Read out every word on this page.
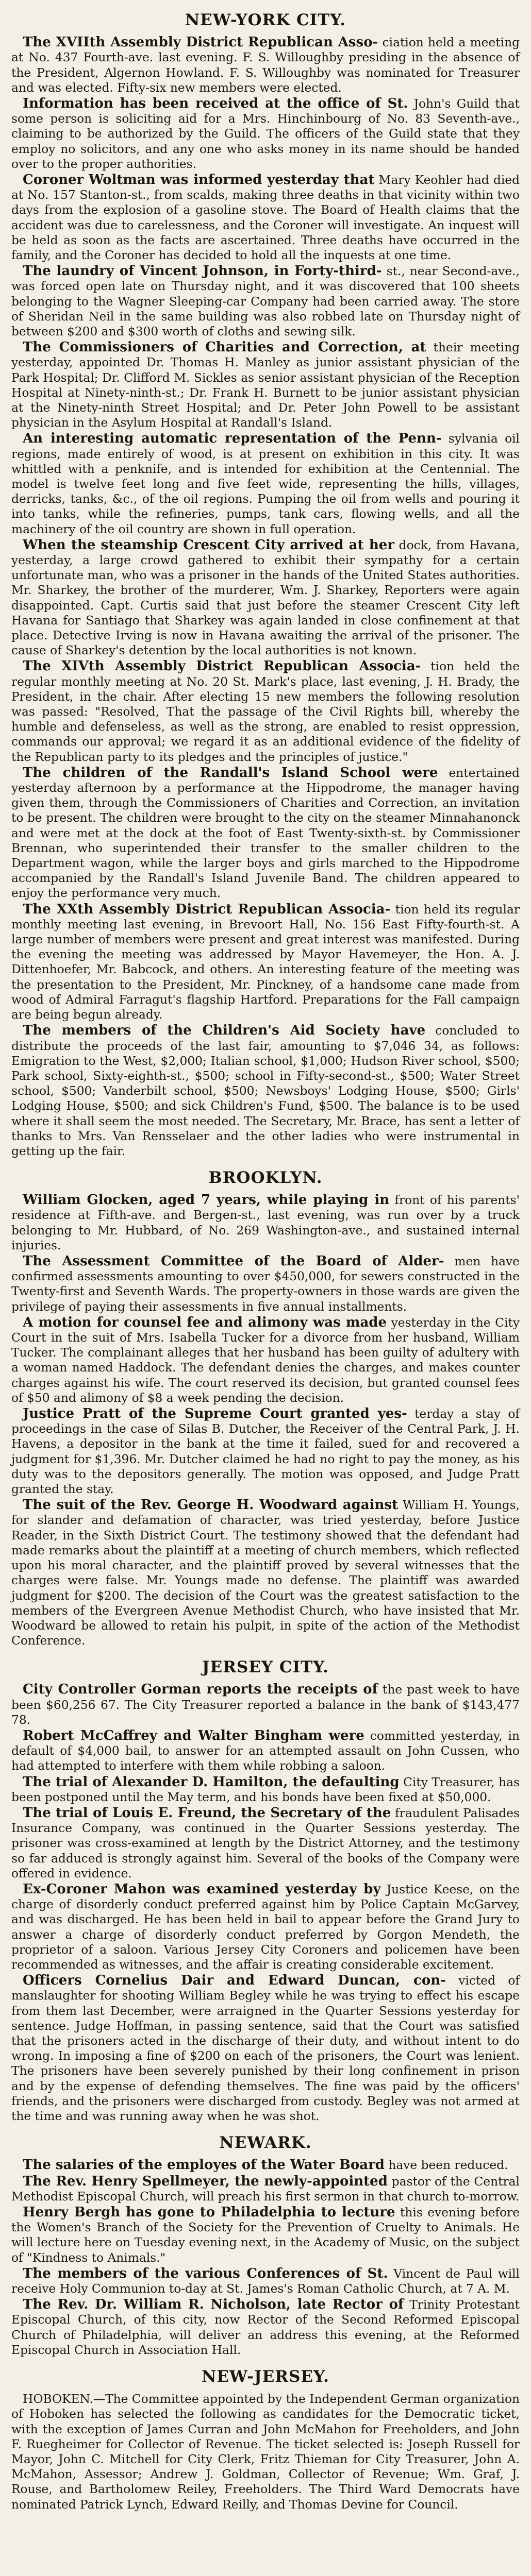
NEW-YORK CITY.

The XVIIth Assembly District Republican Asso- ciation held a meeting at No. 437 Fourth-ave. last evening. F. S. Willoughby presiding in the absence of the President, Algernon Howland. F. S. Willoughby was nominated for Treasurer and was elected. Fifty-six new members were elected.

Information has been received at the office of St. John's Guild that some person is soliciting aid for a Mrs. Hinchinbourg of No. 83 Seventh-ave., claiming to be authorized by the Guild. The officers of the Guild state that they employ no solicitors, and any one who asks money in its name should be handed over to the proper authorities.

Coroner Woltman was informed yesterday that Mary Keohler had died at No. 157 Stanton-st., from scalds, making three deaths in that vicinity within two days from the explosion of a gasoline stove. The Board of Health claims that the accident was due to carelessness, and the Coroner will investigate. An inquest will be held as soon as the facts are ascertained. Three deaths have occurred in the family, and the Coroner has decided to hold all the inquests at one time.

The laundry of Vincent Johnson, in Forty-third- st., near Second-ave., was forced open late on Thursday night, and it was discovered that 100 sheets belonging to the Wagner Sleeping-car Company had been carried away. The store of Sheridan Neil in the same building was also robbed late on Thursday night of between $200 and $300 worth of cloths and sewing silk.

The Commissioners of Charities and Correction, at their meeting yesterday, appointed Dr. Thomas H. Manley as junior assistant physician of the Park Hospital; Dr. Clifford M. Sickles as senior assistant physician of the Reception Hospital at Ninety-ninth-st.; Dr. Frank H. Burnett to be junior assistant physician at the Ninety-ninth Street Hospital; and Dr. Peter John Powell to be assistant physician in the Asylum Hospital at Randall's Island.

An interesting automatic representation of the Penn- sylvania oil regions, made entirely of wood, is at present on exhibition in this city. It was whittled with a penknife, and is intended for exhibition at the Centennial. The model is twelve feet long and five feet wide, representing the hills, villages, derricks, tanks, &c., of the oil regions. Pumping the oil from wells and pouring it into tanks, while the refineries, pumps, tank cars, flowing wells, and all the machinery of the oil country are shown in full operation.

When the steamship Crescent City arrived at her dock, from Havana, yesterday, a large crowd gathered to exhibit their sympathy for a certain unfortunate man, who was a prisoner in the hands of the United States authorities. Mr. Sharkey, the brother of the murderer, Wm. J. Sharkey, Reporters were again disappointed. Capt. Curtis said that just before the steamer Crescent City left Havana for Santiago that Sharkey was again landed in close confinement at that place. Detective Irving is now in Havana awaiting the arrival of the prisoner. The cause of Sharkey's detention by the local authorities is not known.

The XIVth Assembly District Republican Associa- tion held the regular monthly meeting at No. 20 St. Mark's place, last evening, J. H. Brady, the President, in the chair. After electing 15 new members the following resolution was passed: "Resolved, That the passage of the Civil Rights bill, whereby the humble and defenseless, as well as the strong, are enabled to resist oppression, commands our approval; we regard it as an additional evidence of the fidelity of the Republican party to its pledges and the principles of justice."

The children of the Randall's Island School were entertained yesterday afternoon by a performance at the Hippodrome, the manager having given them, through the Commissioners of Charities and Correction, an invitation to be present. The children were brought to the city on the steamer Minnahanonck and were met at the dock at the foot of East Twenty-sixth-st. by Commissioner Brennan, who superintended their transfer to the smaller children to the Department wagon, while the larger boys and girls marched to the Hippodrome accompanied by the Randall's Island Juvenile Band. The children appeared to enjoy the performance very much.

The XXth Assembly District Republican Associa- tion held its regular monthly meeting last evening, in Brevoort Hall, No. 156 East Fifty-fourth-st. A large number of members were present and great interest was manifested. During the evening the meeting was addressed by Mayor Havemeyer, the Hon. A. J. Dittenhoefer, Mr. Babcock, and others. An interesting feature of the meeting was the presentation to the President, Mr. Pinckney, of a handsome cane made from wood of Admiral Farragut's flagship Hartford. Preparations for the Fall campaign are being begun already.

The members of the Children's Aid Society have concluded to distribute the proceeds of the last fair, amounting to $7,046 34, as follows: Emigration to the West, $2,000; Italian school, $1,000; Hudson River school, $500; Park school, Sixty-eighth-st., $500; school in Fifty-second-st., $500; Water Street school, $500; Vanderbilt school, $500; Newsboys' Lodging House, $500; Girls' Lodging House, $500; and sick Children's Fund, $500. The balance is to be used where it shall seem the most needed. The Secretary, Mr. Brace, has sent a letter of thanks to Mrs. Van Rensselaer and the other ladies who were instrumental in getting up the fair.

BROOKLYN.

William Glocken, aged 7 years, while playing in front of his parents' residence at Fifth-ave. and Bergen-st., last evening, was run over by a truck belonging to Mr. Hubbard, of No. 269 Washington-ave., and sustained internal injuries.

The Assessment Committee of the Board of Alder- men have confirmed assessments amounting to over $450,000, for sewers constructed in the Twenty-first and Seventh Wards. The property-owners in those wards are given the privilege of paying their assessments in five annual installments.

A motion for counsel fee and alimony was made yesterday in the City Court in the suit of Mrs. Isabella Tucker for a divorce from her husband, William Tucker. The complainant alleges that her husband has been guilty of adultery with a woman named Haddock. The defendant denies the charges, and makes counter charges against his wife. The court reserved its decision, but granted counsel fees of $50 and alimony of $8 a week pending the decision.

Justice Pratt of the Supreme Court granted yes- terday a stay of proceedings in the case of Silas B. Dutcher, the Receiver of the Central Park, J. H. Havens, a depositor in the bank at the time it failed, sued for and recovered a judgment for $1,396. Mr. Dutcher claimed he had no right to pay the money, as his duty was to the depositors generally. The motion was opposed, and Judge Pratt granted the stay.

The suit of the Rev. George H. Woodward against William H. Youngs, for slander and defamation of character, was tried yesterday, before Justice Reader, in the Sixth District Court. The testimony showed that the defendant had made remarks about the plaintiff at a meeting of church members, which reflected upon his moral character, and the plaintiff proved by several witnesses that the charges were false. Mr. Youngs made no defense. The plaintiff was awarded judgment for $200. The decision of the Court was the greatest satisfaction to the members of the Evergreen Avenue Methodist Church, who have insisted that Mr. Woodward be allowed to retain his pulpit, in spite of the action of the Methodist Conference.

JERSEY CITY.

City Controller Gorman reports the receipts of the past week to have been $60,256 67. The City Treasurer reported a balance in the bank of $143,477 78.

Robert McCaffrey and Walter Bingham were committed yesterday, in default of $4,000 bail, to answer for an attempted assault on John Cussen, who had attempted to interfere with them while robbing a saloon.

The trial of Alexander D. Hamilton, the defaulting City Treasurer, has been postponed until the May term, and his bonds have been fixed at $50,000.

The trial of Louis E. Freund, the Secretary of the fraudulent Palisades Insurance Company, was continued in the Quarter Sessions yesterday. The prisoner was cross-examined at length by the District Attorney, and the testimony so far adduced is strongly against him. Several of the books of the Company were offered in evidence.

Ex-Coroner Mahon was examined yesterday by Justice Keese, on the charge of disorderly conduct preferred against him by Police Captain McGarvey, and was discharged. He has been held in bail to appear before the Grand Jury to answer a charge of disorderly conduct preferred by Gorgon Mendeth, the proprietor of a saloon. Various Jersey City Coroners and policemen have been recommended as witnesses, and the affair is creating considerable excitement.

Officers Cornelius Dair and Edward Duncan, con- victed of manslaughter for shooting William Begley while he was trying to effect his escape from them last December, were arraigned in the Quarter Sessions yesterday for sentence. Judge Hoffman, in passing sentence, said that the Court was satisfied that the prisoners acted in the discharge of their duty, and without intent to do wrong. In imposing a fine of $200 on each of the prisoners, the Court was lenient. The prisoners have been severely punished by their long confinement in prison and by the expense of defending themselves. The fine was paid by the officers' friends, and the prisoners were discharged from custody. Begley was not armed at the time and was running away when he was shot.

NEWARK.

The salaries of the employes of the Water Board have been reduced.

The Rev. Henry Spellmeyer, the newly-appointed pastor of the Central Methodist Episcopal Church, will preach his first sermon in that church to-morrow.

Henry Bergh has gone to Philadelphia to lecture this evening before the Women's Branch of the Society for the Prevention of Cruelty to Animals. He will lecture here on Tuesday evening next, in the Academy of Music, on the subject of "Kindness to Animals."

The members of the various Conferences of St. Vincent de Paul will receive Holy Communion to-day at St. James's Roman Catholic Church, at 7 A. M.

The Rev. Dr. William R. Nicholson, late Rector of Trinity Protestant Episcopal Church, of this city, now Rector of the Second Reformed Episcopal Church of Philadelphia, will deliver an address this evening, at the Reformed Episcopal Church in Association Hall.

NEW-JERSEY.

HOBOKEN.—The Committee appointed by the Independent German organization of Hoboken has selected the following as candidates for the Democratic ticket, with the exception of James Curran and John McMahon for Freeholders, and John F. Ruegheimer for Collector of Revenue. The ticket selected is: Joseph Russell for Mayor, John C. Mitchell for City Clerk, Fritz Thieman for City Treasurer, John A. McMahon, Assessor; Andrew J. Goldman, Collector of Revenue; Wm. Graf, J. Rouse, and Bartholomew Reiley, Freeholders. The Third Ward Democrats have nominated Patrick Lynch, Edward Reilly, and Thomas Devine for Council.
